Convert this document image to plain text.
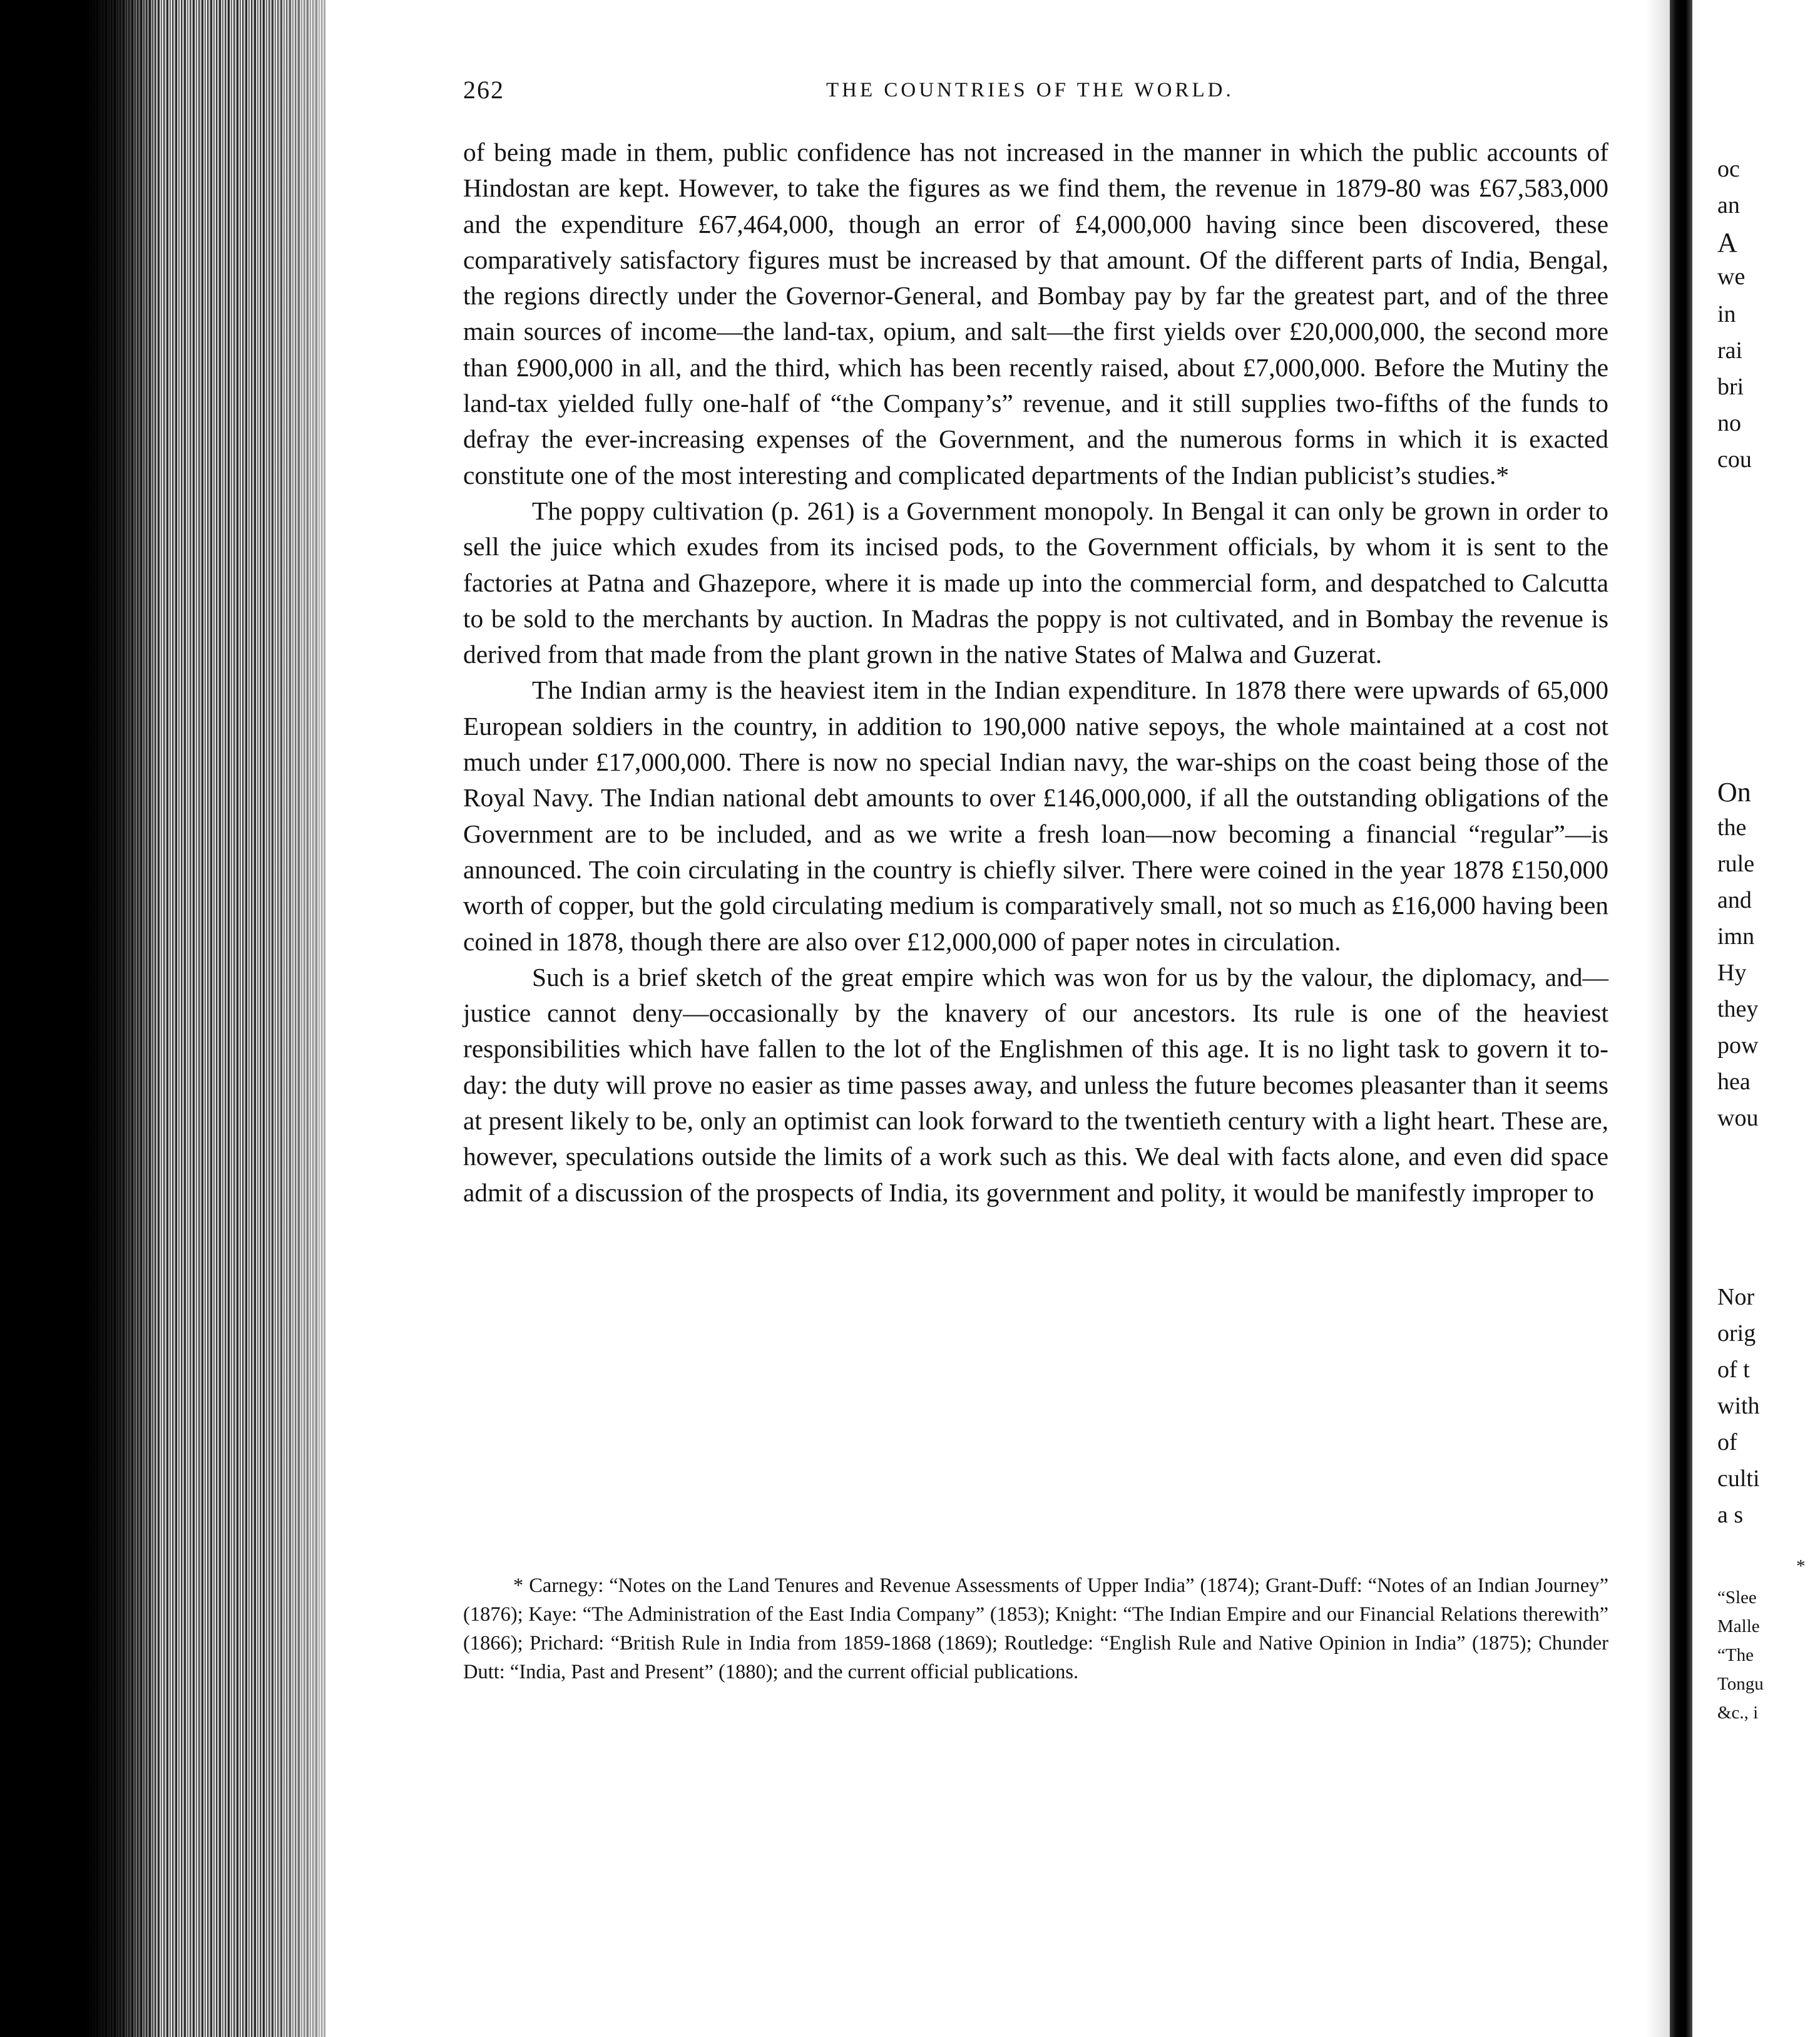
262	THE COUNTRIES OF THE WORLD.

of being made in them, public confidence has not increased in the manner in which the public accounts of Hindostan are kept. However, to take the figures as we find them, the revenue in 1879-80 was £67,583,000 and the expenditure £67,464,000, though an error of £4,000,000 having since been discovered, these comparatively satisfactory figures must be increased by that amount. Of the different parts of India, Bengal, the regions directly under the Governor-General, and Bombay pay by far the greatest part, and of the three main sources of income—the land-tax, opium, and salt—the first yields over £20,000,000, the second more than £900,000 in all, and the third, which has been recently raised, about £7,000,000. Before the Mutiny the land-tax yielded fully one-half of “the Company’s” revenue, and it still supplies two-fifths of the funds to defray the ever-increasing expenses of the Government, and the numerous forms in which it is exacted constitute one of the most interesting and complicated departments of the Indian publicist’s studies.*

The poppy cultivation (p. 261) is a Government monopoly. In Bengal it can only be grown in order to sell the juice which exudes from its incised pods, to the Government officials, by whom it is sent to the factories at Patna and Ghazepore, where it is made up into the commercial form, and despatched to Calcutta to be sold to the merchants by auction. In Madras the poppy is not cultivated, and in Bombay the revenue is derived from that made from the plant grown in the native States of Malwa and Guzerat.

The Indian army is the heaviest item in the Indian expenditure. In 1878 there were upwards of 65,000 European soldiers in the country, in addition to 190,000 native sepoys, the whole maintained at a cost not much under £17,000,000. There is now no special Indian navy, the war-ships on the coast being those of the Royal Navy. The Indian national debt amounts to over £146,000,000, if all the outstanding obligations of the Government are to be included, and as we write a fresh loan—now becoming a financial “regular”—is announced. The coin circulating in the country is chiefly silver. There were coined in the year 1878 £150,000 worth of copper, but the gold circulating medium is comparatively small, not so much as £16,000 having been coined in 1878, though there are also over £12,000,000 of paper notes in circulation.

Such is a brief sketch of the great empire which was won for us by the valour, the diplomacy, and—justice cannot deny—occasionally by the knavery of our ancestors. Its rule is one of the heaviest responsibilities which have fallen to the lot of the Englishmen of this age. It is no light task to govern it to-day: the duty will prove no easier as time passes away, and unless the future becomes pleasanter than it seems at present likely to be, only an optimist can look forward to the twentieth century with a light heart. These are, however, speculations outside the limits of a work such as this. We deal with facts alone, and even did space admit of a discussion of the prospects of India, its government and polity, it would be manifestly improper to

* Carnegy: “Notes on the Land Tenures and Revenue Assessments of Upper India” (1874); Grant-Duff: “Notes of an Indian Journey” (1876); Kaye: “The Administration of the East India Company” (1853); Knight: “The Indian Empire and our Financial Relations therewith” (1866); Prichard: “British Rule in India from 1859-1868 (1869); Routledge: “English Rule and Native Opinion in India” (1875); Chunder Dutt: “India, Past and Present” (1880); and the current official publications.

oc
an
A
we
in
rai
bri
no
cou
On
the
rule
and
imn
Hy
they
pow
hea
wou
Nor
orig
of t
with
of
culti
a s
*
“Slee
Malle
“The
Tongu
&c., i
